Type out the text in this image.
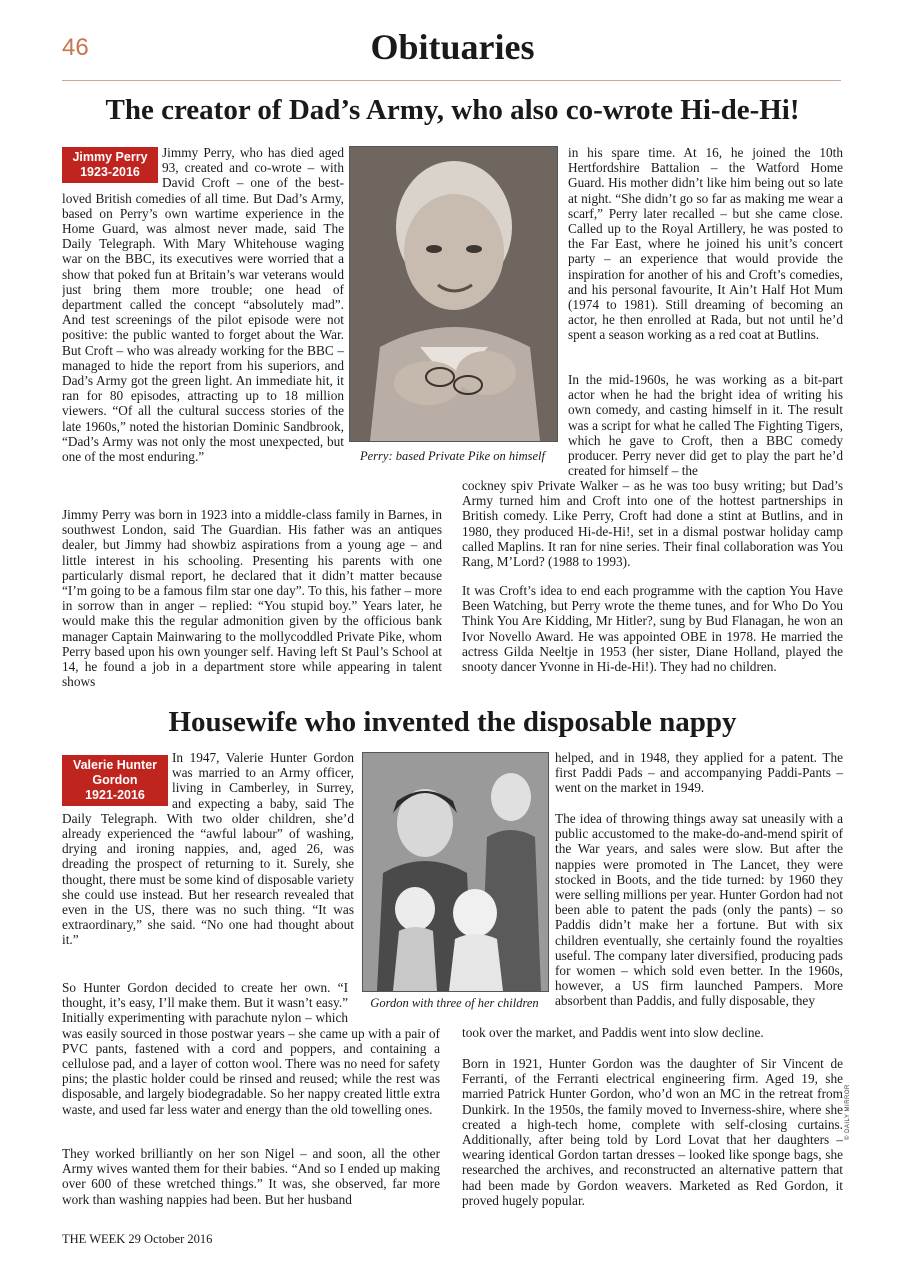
46	Obituaries
The creator of Dad’s Army, who also co-wrote Hi-de-Hi!
Jimmy Perry
1923-2016
Jimmy Perry, who has died aged 93, created and co-wrote – with David Croft – one of the best-loved British comedies of all time. But Dad’s Army, based on Perry’s own wartime experience in the Home Guard, was almost never made, said The Daily Telegraph. With Mary Whitehouse waging war on the BBC, its executives were worried that a show that poked fun at Britain’s war veterans would just bring them more trouble; one head of department called the concept “absolutely mad”. And test screenings of the pilot episode were not positive: the public wanted to forget about the War. But Croft – who was already working for the BBC – managed to hide the report from his superiors, and Dad’s Army got the green light. An immediate hit, it ran for 80 episodes, attracting up to 18 million viewers. “Of all the cultural success stories of the late 1960s,” noted the historian Dominic Sandbrook, “Dad’s Army was not only the most unexpected, but one of the most enduring.”	Perry: based Private Pike on himself
Jimmy Perry was born in 1923 into a middle-class family in Barnes, in southwest London, said The Guardian. His father was an antiques dealer, but Jimmy had showbiz aspirations from a young age – and little interest in his schooling. Presenting his parents with one particularly dismal report, he declared that it didn’t matter because “I’m going to be a famous film star one day”. To this, his father – more in sorrow than in anger – replied: “You stupid boy.” Years later, he would make this the regular admonition given by the officious bank manager Captain Mainwaring to the mollycoddled Private Pike, whom Perry based upon his own younger self. Having left St Paul’s School at 14, he found a job in a department store while appearing in talent shows
in his spare time. At 16, he joined the 10th Hertfordshire Battalion – the Watford Home Guard. His mother didn’t like him being out so late at night. “She didn’t go so far as making me wear a scarf,” Perry later recalled – but she came close. Called up to the Royal Artillery, he was posted to the Far East, where he joined his unit’s concert party – an experience that would provide the inspiration for another of his and Croft’s comedies, and his personal favourite, It Ain’t Half Hot Mum (1974 to 1981). Still dreaming of becoming an actor, he then enrolled at Rada, but not until he’d spent a season working as a red coat at Butlins.
In the mid-1960s, he was working as a bit-part actor when he had the bright idea of writing his own comedy, and casting himself in it. The result was a script for what he called The Fighting Tigers, which he gave to Croft, then a BBC comedy producer. Perry never did get to play the part he’d created for himself – the
cockney spiv Private Walker – as he was too busy writing; but Dad’s Army turned him and Croft into one of the hottest partnerships in British comedy. Like Perry, Croft had done a stint at Butlins, and in 1980, they produced Hi-de-Hi!, set in a dismal postwar holiday camp called Maplins. It ran for nine series. Their final collaboration was You Rang, M’Lord? (1988 to 1993).
It was Croft’s idea to end each programme with the caption You Have Been Watching, but Perry wrote the theme tunes, and for Who Do You Think You Are Kidding, Mr Hitler?, sung by Bud Flanagan, he won an Ivor Novello Award. He was appointed OBE in 1978. He married the actress Gilda Neeltje in 1953 (her sister, Diane Holland, played the snooty dancer Yvonne in Hi-de-Hi!). They had no children.
Housewife who invented the disposable nappy
Valerie Hunter Gordon
1921-2016
In 1947, Valerie Hunter Gordon was married to an Army officer, living in Camberley, in Surrey, and expecting a baby, said The Daily Telegraph. With two older children, she’d already experienced the “awful labour” of washing, drying and ironing nappies, and, aged 26, was dreading the prospect of returning to it. Surely, she thought, there must be some kind of disposable variety she could use instead. But her research revealed that even in the US, there was no such thing. “It was extraordinary,” she said. “No one had thought about it.”
Gordon with three of her children
So Hunter Gordon decided to create her own. “I thought, it’s easy, I’ll make them. But it wasn’t easy.” Initially experimenting with parachute nylon – which was easily sourced in those postwar years – she came up with a pair of PVC pants, fastened with a cord and poppers, and containing a cellulose pad, and a layer of cotton wool. There was no need for safety pins; the plastic holder could be rinsed and reused; while the rest was disposable, and largely biodegradable. So her nappy created little extra waste, and used far less water and energy than the old towelling ones.
They worked brilliantly on her son Nigel – and soon, all the other Army wives wanted them for their babies. “And so I ended up making over 600 of these wretched things.” It was, she observed, far more work than washing nappies had been. But her husband
helped, and in 1948, they applied for a patent. The first Paddi Pads – and accompanying Paddi-Pants – went on the market in 1949.
The idea of throwing things away sat uneasily with a public accustomed to the make-do-and-mend spirit of the War years, and sales were slow. But after the nappies were promoted in The Lancet, they were stocked in Boots, and the tide turned: by 1960 they were selling millions per year. Hunter Gordon had not been able to patent the pads (only the pants) – so Paddis didn’t make her a fortune. But with six children eventually, she certainly found the royalties useful. The company later diversified, producing pads for women – which sold even better. In the 1960s, however, a US firm launched Pampers. More absorbent than Paddis, and fully disposable, they
took over the market, and Paddis went into slow decline.
Born in 1921, Hunter Gordon was the daughter of Sir Vincent de Ferranti, of the Ferranti electrical engineering firm. Aged 19, she married Patrick Hunter Gordon, who’d won an MC in the retreat from Dunkirk. In the 1950s, the family moved to Inverness-shire, where she created a high-tech home, complete with self-closing curtains. Additionally, after being told by Lord Lovat that her daughters – wearing identical Gordon tartan dresses – looked like sponge bags, she researched the archives, and reconstructed an alternative pattern that had been made by Gordon weavers. Marketed as Red Gordon, it proved hugely popular.
THE WEEK 29 October 2016
© DAILY MIRROR
